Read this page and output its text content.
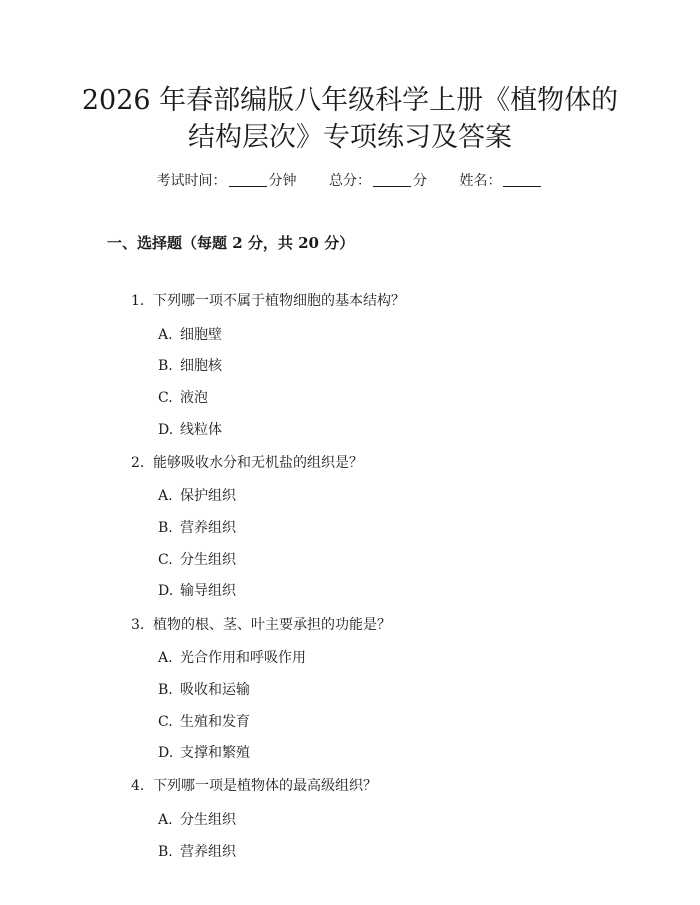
2026 年春部编版八年级科学上册《植物体的
结构层次》专项练习及答案
考试时间：	分钟 总分：	分 姓名：
一、选择题（每题 2 分，共 20 分）
1. 下列哪一项不属于植物细胞的基本结构？
A. 细胞壁
B. 细胞核
C. 液泡
D. 线粒体
2. 能够吸收水分和无机盐的组织是？
A. 保护组织
B. 营养组织
C. 分生组织
D. 输导组织
3. 植物的根、茎、叶主要承担的功能是？
A. 光合作用和呼吸作用
B. 吸收和运输
C. 生殖和发育
D. 支撑和繁殖
4. 下列哪一项是植物体的最高级组织？
A. 分生组织
B. 营养组织
